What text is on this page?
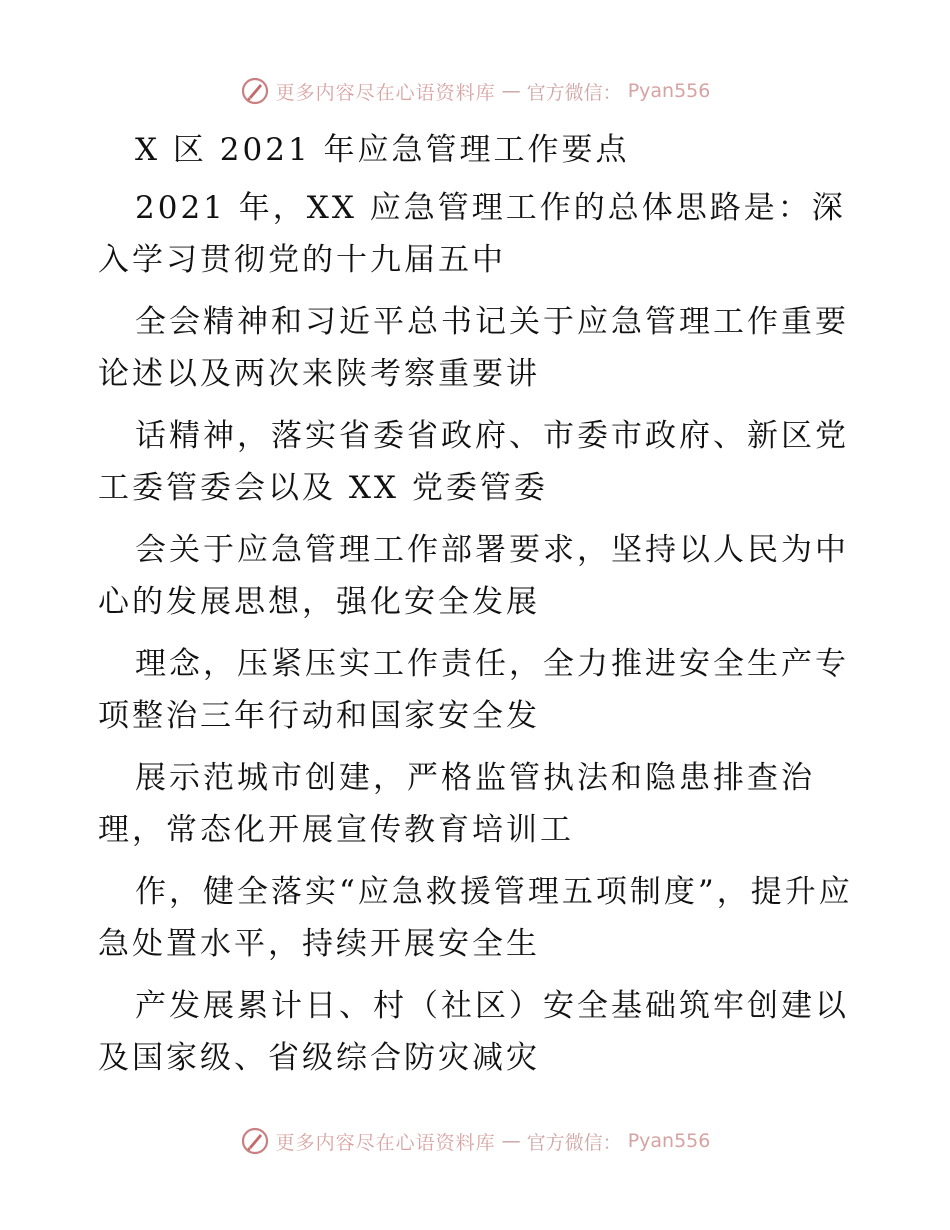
更多内容尽在心语资料库 — 官方微信： Pyan556

X 区 2021 年应急管理工作要点

2021 年，XX 应急管理工作的总体思路是：深入学习贯彻党的十九届五中

全会精神和习近平总书记关于应急管理工作重要论述以及两次来陕考察重要讲

话精神，落实省委省政府、市委市政府、新区党工委管委会以及 XX 党委管委

会关于应急管理工作部署要求，坚持以人民为中心的发展思想，强化安全发展

理念，压紧压实工作责任，全力推进安全生产专项整治三年行动和国家安全发

展示范城市创建，严格监管执法和隐患排查治理，常态化开展宣传教育培训工

作，健全落实“应急救援管理五项制度”，提升应急处置水平，持续开展安全生

产发展累计日、村（社区）安全基础筑牢创建以及国家级、省级综合防灾减灾

更多内容尽在心语资料库 — 官方微信： Pyan556
